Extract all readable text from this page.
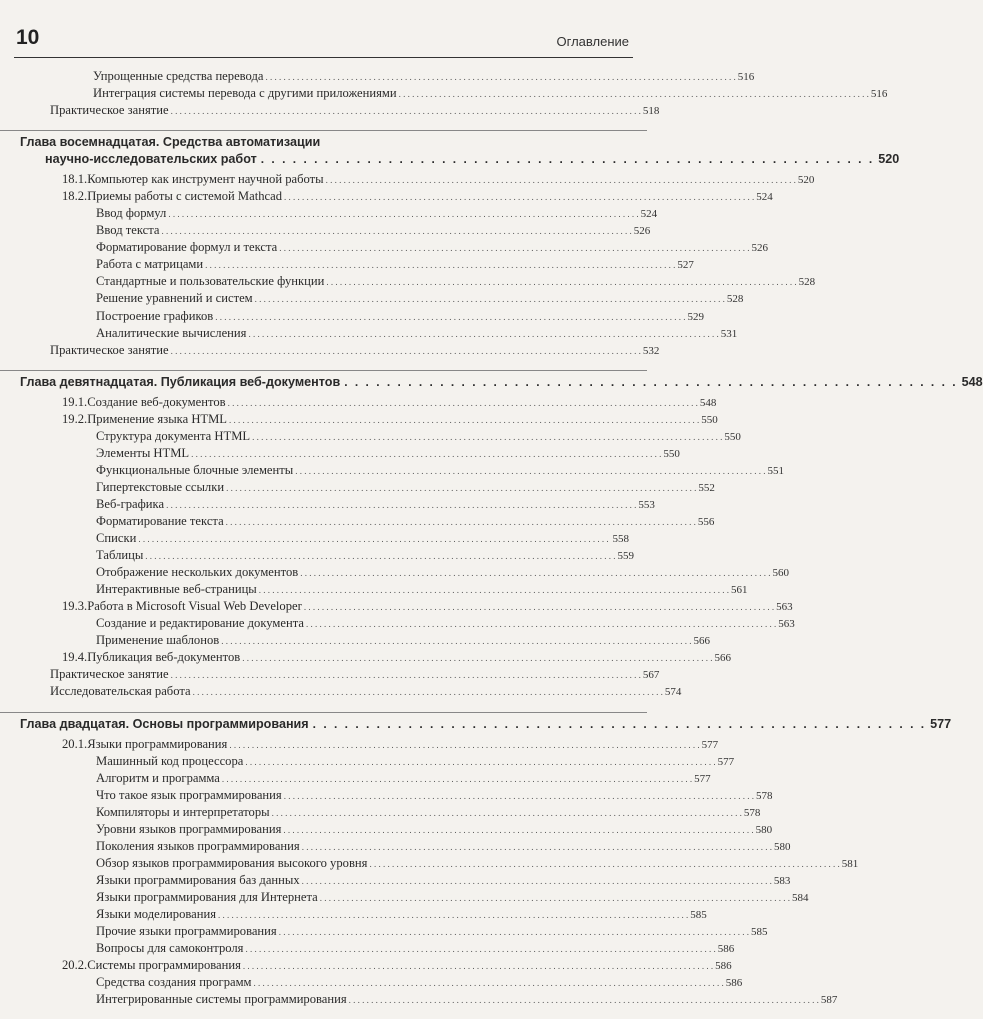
10	Оглавление
Упрощенные средства перевода . . .	516
Интеграция системы перевода с другими приложениями . . .	516
Практическое занятие . . .	518
Глава восемнадцатая. Средства автоматизации
научно-исследовательских работ . . .	520
18.1. Компьютер как инструмент научной работы . . .	520
18.2. Приемы работы с системой Mathcad . . .	524
Ввод формул . . .	524
Ввод текста . . .	526
Форматирование формул и текста . . .	526
Работа с матрицами . . .	527
Стандартные и пользовательские функции . . .	528
Решение уравнений и систем . . .	528
Построение графиков . . .	529
Аналитические вычисления . . .	531
Практическое занятие . . .	532
Глава девятнадцатая. Публикация веб-документов . . .	548
19.1. Создание веб-документов . . .	548
19.2. Применение языка HTML . . .	550
Структура документа HTML . . .	550
Элементы HTML . . .	550
Функциональные блочные элементы . . .	551
Гипертекстовые ссылки . . .	552
Веб-графика . . .	553
Форматирование текста . . .	556
Списки . . .	558
Таблицы . . .	559
Отображение нескольких документов . . .	560
Интерактивные веб-страницы . . .	561
19.3. Работа в Microsoft Visual Web Developer . . .	563
Создание и редактирование документа . . .	563
Применение шаблонов . . .	566
19.4. Публикация веб-документов . . .	566
Практическое занятие . . .	567
Исследовательская работа . . .	574
Глава двадцатая. Основы программирования . . .	577
20.1. Языки программирования . . .	577
Машинный код процессора . . .	577
Алгоритм и программа . . .	577
Что такое язык программирования . . .	578
Компиляторы и интерпретаторы . . .	578
Уровни языков программирования . . .	580
Поколения языков программирования . . .	580
Обзор языков программирования высокого уровня . . .	581
Языки программирования баз данных . . .	583
Языки программирования для Интернета . . .	584
Языки моделирования . . .	585
Прочие языки программирования . . .	585
Вопросы для самоконтроля . . .	586
20.2. Системы программирования . . .	586
Средства создания программ . . .	586
Интегрированные системы программирования . . .	587
